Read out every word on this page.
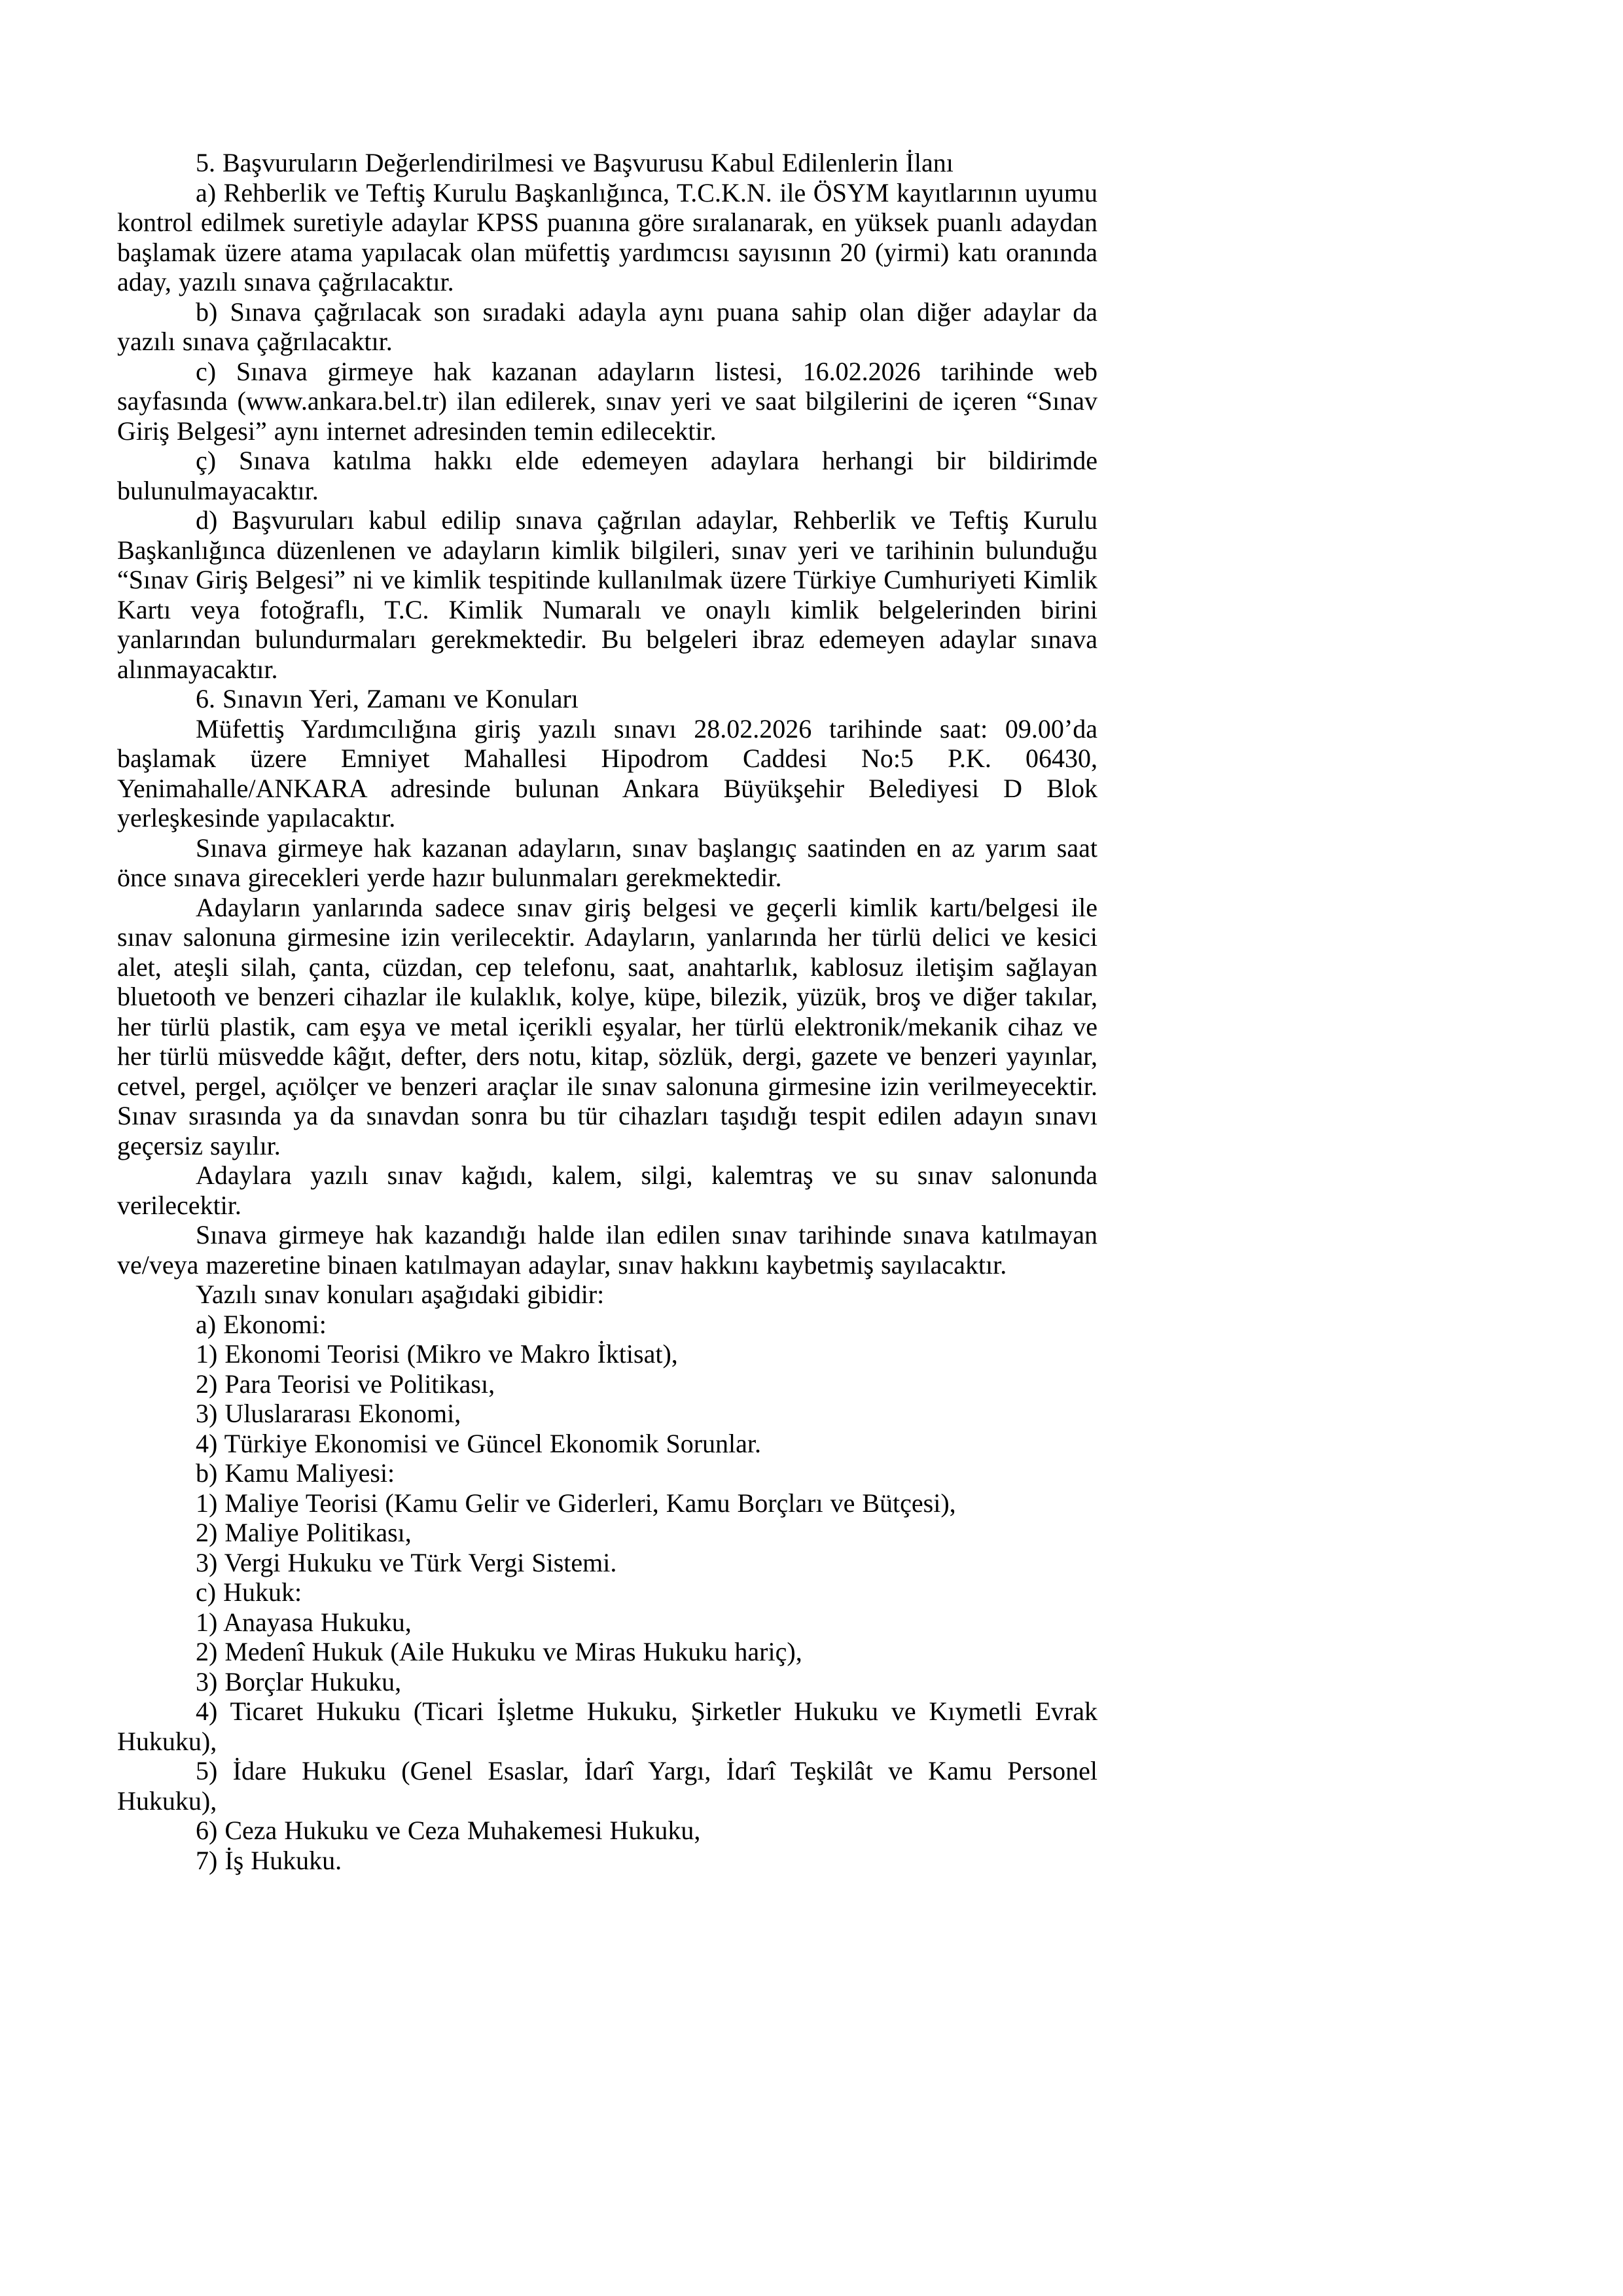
5. Başvuruların Değerlendirilmesi ve Başvurusu Kabul Edilenlerin İlanı

a) Rehberlik ve Teftiş Kurulu Başkanlığınca, T.C.K.N. ile ÖSYM kayıtlarının uyumu kontrol edilmek suretiyle adaylar KPSS puanına göre sıralanarak, en yüksek puanlı adaydan başlamak üzere atama yapılacak olan müfettiş yardımcısı sayısının 20 (yirmi) katı oranında aday, yazılı sınava çağrılacaktır.

b) Sınava çağrılacak son sıradaki adayla aynı puana sahip olan diğer adaylar da yazılı sınava çağrılacaktır.

c) Sınava girmeye hak kazanan adayların listesi, 16.02.2026 tarihinde web sayfasında (www.ankara.bel.tr) ilan edilerek, sınav yeri ve saat bilgilerini de içeren “Sınav Giriş Belgesi” aynı internet adresinden temin edilecektir.

ç) Sınava katılma hakkı elde edemeyen adaylara herhangi bir bildirimde bulunulmayacaktır.

d) Başvuruları kabul edilip sınava çağrılan adaylar, Rehberlik ve Teftiş Kurulu Başkanlığınca düzenlenen ve adayların kimlik bilgileri, sınav yeri ve tarihinin bulunduğu “Sınav Giriş Belgesi” ni ve kimlik tespitinde kullanılmak üzere Türkiye Cumhuriyeti Kimlik Kartı veya fotoğraflı, T.C. Kimlik Numaralı ve onaylı kimlik belgelerinden birini yanlarından bulundurmaları gerekmektedir. Bu belgeleri ibraz edemeyen adaylar sınava alınmayacaktır.

6. Sınavın Yeri, Zamanı ve Konuları

Müfettiş Yardımcılığına giriş yazılı sınavı 28.02.2026 tarihinde saat: 09.00’da başlamak üzere Emniyet Mahallesi Hipodrom Caddesi No:5 P.K. 06430, Yenimahalle/ANKARA adresinde bulunan Ankara Büyükşehir Belediyesi D Blok yerleşkesinde yapılacaktır.

Sınava girmeye hak kazanan adayların, sınav başlangıç saatinden en az yarım saat önce sınava girecekleri yerde hazır bulunmaları gerekmektedir.

Adayların yanlarında sadece sınav giriş belgesi ve geçerli kimlik kartı/belgesi ile sınav salonuna girmesine izin verilecektir. Adayların, yanlarında her türlü delici ve kesici alet, ateşli silah, çanta, cüzdan, cep telefonu, saat, anahtarlık, kablosuz iletişim sağlayan bluetooth ve benzeri cihazlar ile kulaklık, kolye, küpe, bilezik, yüzük, broş ve diğer takılar, her türlü plastik, cam eşya ve metal içerikli eşyalar, her türlü elektronik/mekanik cihaz ve her türlü müsvedde kâğıt, defter, ders notu, kitap, sözlük, dergi, gazete ve benzeri yayınlar, cetvel, pergel, açıölçer ve benzeri araçlar ile sınav salonuna girmesine izin verilmeyecektir. Sınav sırasında ya da sınavdan sonra bu tür cihazları taşıdığı tespit edilen adayın sınavı geçersiz sayılır.

Adaylara yazılı sınav kağıdı, kalem, silgi, kalemtraş ve su sınav salonunda verilecektir.

Sınava girmeye hak kazandığı halde ilan edilen sınav tarihinde sınava katılmayan ve/veya mazeretine binaen katılmayan adaylar, sınav hakkını kaybetmiş sayılacaktır.

Yazılı sınav konuları aşağıdaki gibidir:

a) Ekonomi:

1) Ekonomi Teorisi (Mikro ve Makro İktisat),

2) Para Teorisi ve Politikası,

3) Uluslararası Ekonomi,

4) Türkiye Ekonomisi ve Güncel Ekonomik Sorunlar.

b) Kamu Maliyesi:

1) Maliye Teorisi (Kamu Gelir ve Giderleri, Kamu Borçları ve Bütçesi),

2) Maliye Politikası,

3) Vergi Hukuku ve Türk Vergi Sistemi.

c) Hukuk:

1) Anayasa Hukuku,

2) Medenî Hukuk (Aile Hukuku ve Miras Hukuku hariç),

3) Borçlar Hukuku,

4) Ticaret Hukuku (Ticari İşletme Hukuku, Şirketler Hukuku ve Kıymetli Evrak Hukuku),

5) İdare Hukuku (Genel Esaslar, İdarî Yargı, İdarî Teşkilât ve Kamu Personel Hukuku),

6) Ceza Hukuku ve Ceza Muhakemesi Hukuku,

7) İş Hukuku.
